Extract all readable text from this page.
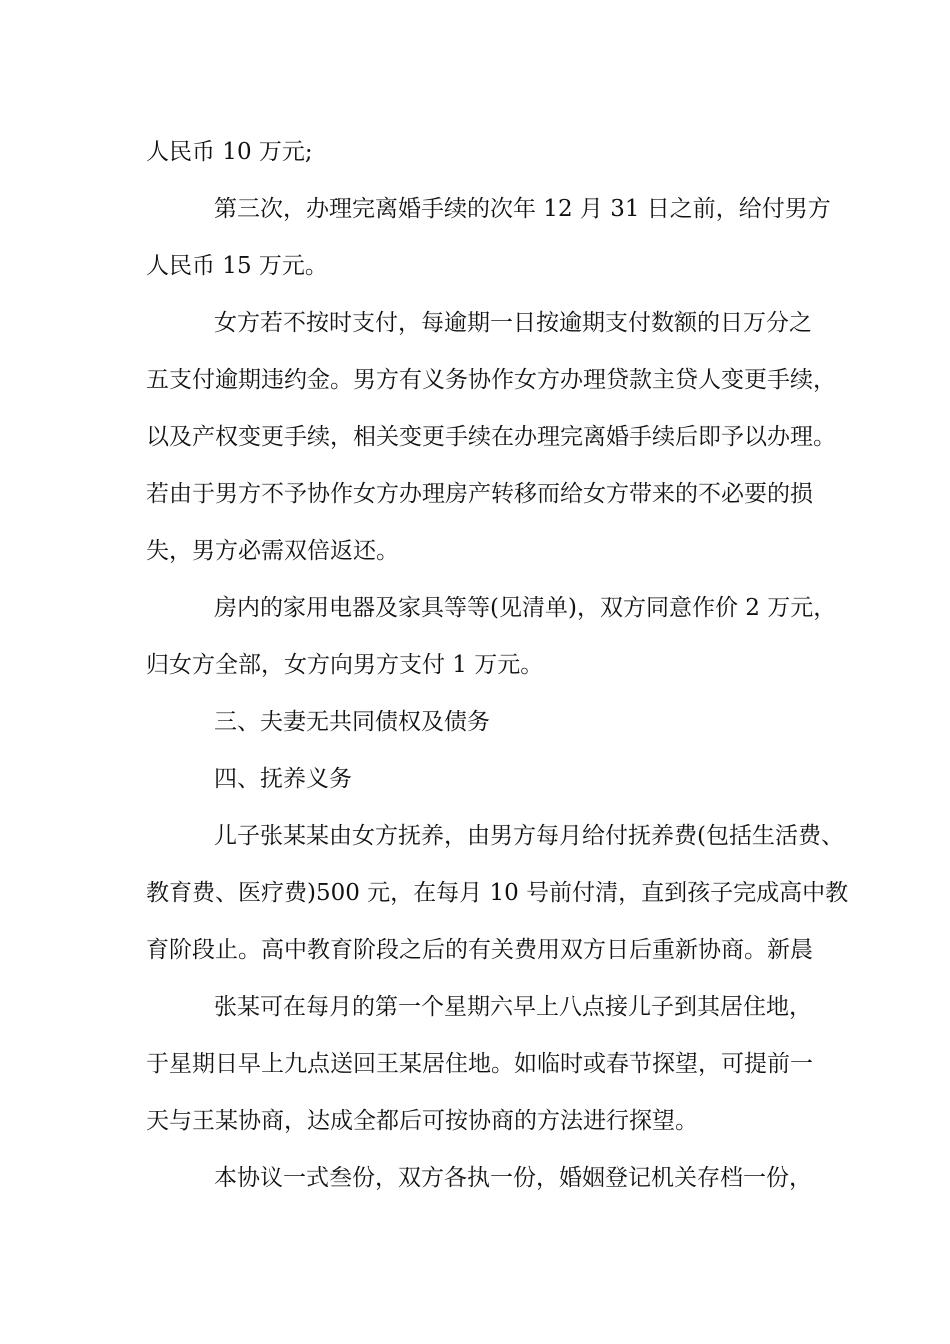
人民币 10 万元;
第三次，办理完离婚手续的次年 12 月 31 日之前，给付男方
人民币 15 万元。
女方若不按时支付，每逾期一日按逾期支付数额的日万分之
五支付逾期违约金。男方有义务协作女方办理贷款主贷人变更手续，
以及产权变更手续，相关变更手续在办理完离婚手续后即予以办理。
若由于男方不予协作女方办理房产转移而给女方带来的不必要的损
失，男方必需双倍返还。
房内的家用电器及家具等等(见清单)，双方同意作价 2 万元，
归女方全部，女方向男方支付 1 万元。
三、夫妻无共同债权及债务
四、抚养义务
儿子张某某由女方抚养，由男方每月给付抚养费(包括生活费、
教育费、医疗费)500 元，在每月 10 号前付清，直到孩子完成高中教
育阶段止。高中教育阶段之后的有关费用双方日后重新协商。新晨
张某可在每月的第一个星期六早上八点接儿子到其居住地，
于星期日早上九点送回王某居住地。如临时或春节探望，可提前一
天与王某协商，达成全都后可按协商的方法进行探望。
本协议一式叁份，双方各执一份，婚姻登记机关存档一份，
